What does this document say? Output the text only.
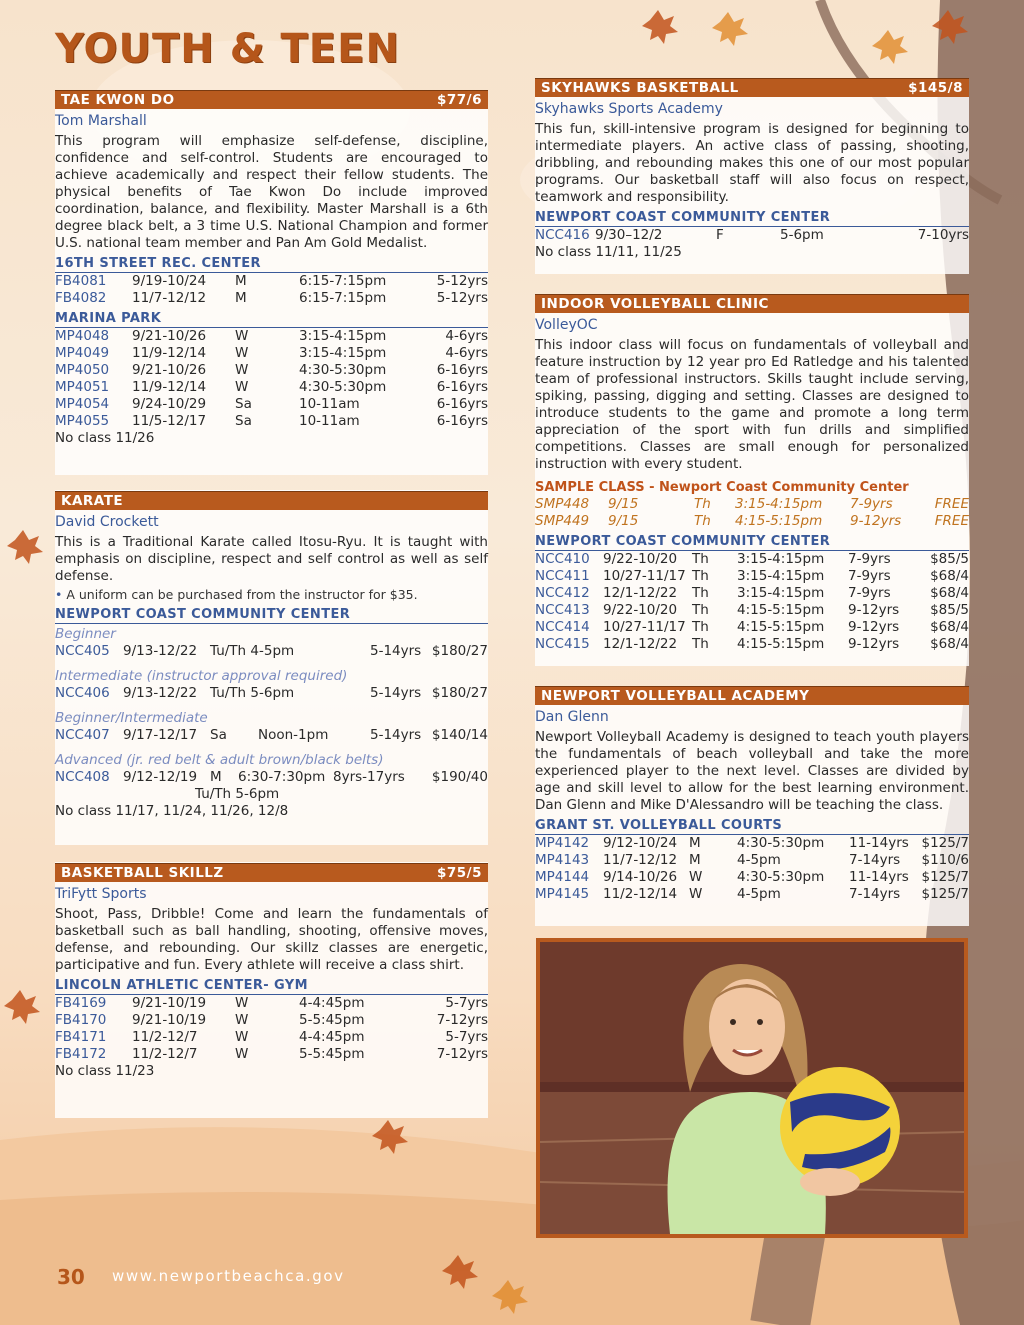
YOUTH & TEEN
TAE KWON DO	$77/6
Tom Marshall
This program will emphasize self-defense, discipline, confidence and self-control. Students are encouraged to achieve academically and respect their fellow students. The physical benefits of Tae Kwon Do include improved coordination, balance, and flexibility. Master Marshall is a 6th degree black belt, a 3 time U.S. National Champion and former U.S. national team member and Pan Am Gold Medalist.
16TH STREET REC. CENTER
FB4081	9/19-10/24	M	6:15-7:15pm	5-12yrs
FB4082	11/7-12/12	M	6:15-7:15pm	5-12yrs
MARINA PARK
MP4048	9/21-10/26	W	3:15-4:15pm	4-6yrs
MP4049	11/9-12/14	W	3:15-4:15pm	4-6yrs
MP4050	9/21-10/26	W	4:30-5:30pm	6-16yrs
MP4051	11/9-12/14	W	4:30-5:30pm	6-16yrs
MP4054	9/24-10/29	Sa	10-11am	6-16yrs
MP4055	11/5-12/17	Sa	10-11am	6-16yrs
No class 11/26
KARATE
David Crockett
This is a Traditional Karate called Itosu-Ryu. It is taught with emphasis on discipline, respect and self control as well as self defense.
• A uniform can be purchased from the instructor for $35.
NEWPORT COAST COMMUNITY CENTER
Beginner
NCC405 9/13-12/22 Tu/Th 4-5pm	5-14yrs $180/27
Intermediate (instructor approval required)
NCC406 9/13-12/22 Tu/Th 5-6pm	5-14yrs $180/27
Beginner/Intermediate
NCC407 9/17-12/17 Sa	Noon-1pm	5-14yrs $140/14
Advanced (jr. red belt & adult brown/black belts)
NCC408 9/12-12/19 M	6:30-7:30pm 8yrs-17yrs	$190/40
Tu/Th 5-6pm
No class 11/17, 11/24, 11/26, 12/8
BASKETBALL SKILLZ	$75/5
TriFytt Sports
Shoot, Pass, Dribble! Come and learn the fundamentals of basketball such as ball handling, shooting, offensive moves, defense, and rebounding. Our skillz classes are energetic, participative and fun. Every athlete will receive a class shirt.
LINCOLN ATHLETIC CENTER- GYM
FB4169	9/21-10/19	W	4-4:45pm	5-7yrs
FB4170	9/21-10/19	W	5-5:45pm	7-12yrs
FB4171	11/2-12/7	W	4-4:45pm	5-7yrs
FB4172	11/2-12/7	W	5-5:45pm	7-12yrs
No class 11/23
SKYHAWKS BASKETBALL	$145/8
Skyhawks Sports Academy
This fun, skill-intensive program is designed for beginning to intermediate players. An active class of passing, shooting, dribbling, and rebounding makes this one of our most popular programs. Our basketball staff will also focus on respect, teamwork and responsibility.
NEWPORT COAST COMMUNITY CENTER
NCC416 9/30–12/2	F	5-6pm	7-10yrs
No class 11/11, 11/25
INDOOR VOLLEYBALL CLINIC
VolleyOC
This indoor class will focus on fundamentals of volleyball and feature instruction by 12 year pro Ed Ratledge and his talented team of professional instructors. Skills taught include serving, spiking, passing, digging and setting. Classes are designed to introduce students to the game and promote a long term appreciation of the sport with fun drills and simplified competitions. Classes are small enough for personalized instruction with every student.
SAMPLE CLASS - Newport Coast Community Center
SMP448	9/15	Th	3:15-4:15pm	7-9yrs	FREE
SMP449	9/15	Th	4:15-5:15pm	9-12yrs	FREE
NEWPORT COAST COMMUNITY CENTER
NCC410 9/22-10/20	Th	3:15-4:15pm	7-9yrs	$85/5
NCC411 10/27-11/17 Th	3:15-4:15pm	7-9yrs	$68/4
NCC412 12/1-12/22	Th	3:15-4:15pm	7-9yrs	$68/4
NCC413 9/22-10/20	Th	4:15-5:15pm	9-12yrs	$85/5
NCC414 10/27-11/17 Th	4:15-5:15pm	9-12yrs	$68/4
NCC415 12/1-12/22	Th	4:15-5:15pm	9-12yrs	$68/4
NEWPORT VOLLEYBALL ACADEMY
Dan Glenn
Newport Volleyball Academy is designed to teach youth players the fundamentals of beach volleyball and take the more experienced player to the next level. Classes are divided by age and skill level to allow for the best learning environment. Dan Glenn and Mike D'Alessandro will be teaching the class.
GRANT ST. VOLLEYBALL COURTS
MP4142	9/12-10/24 M	4:30-5:30pm	11-14yrs $125/7
MP4143	11/7-12/12 M	4-5pm	7-14yrs	$110/6
MP4144	9/14-10/26 W	4:30-5:30pm	11-14yrs $125/7
MP4145	11/2-12/14 W	4-5pm	7-14yrs	$125/7
30 www.newportbeachca.gov
